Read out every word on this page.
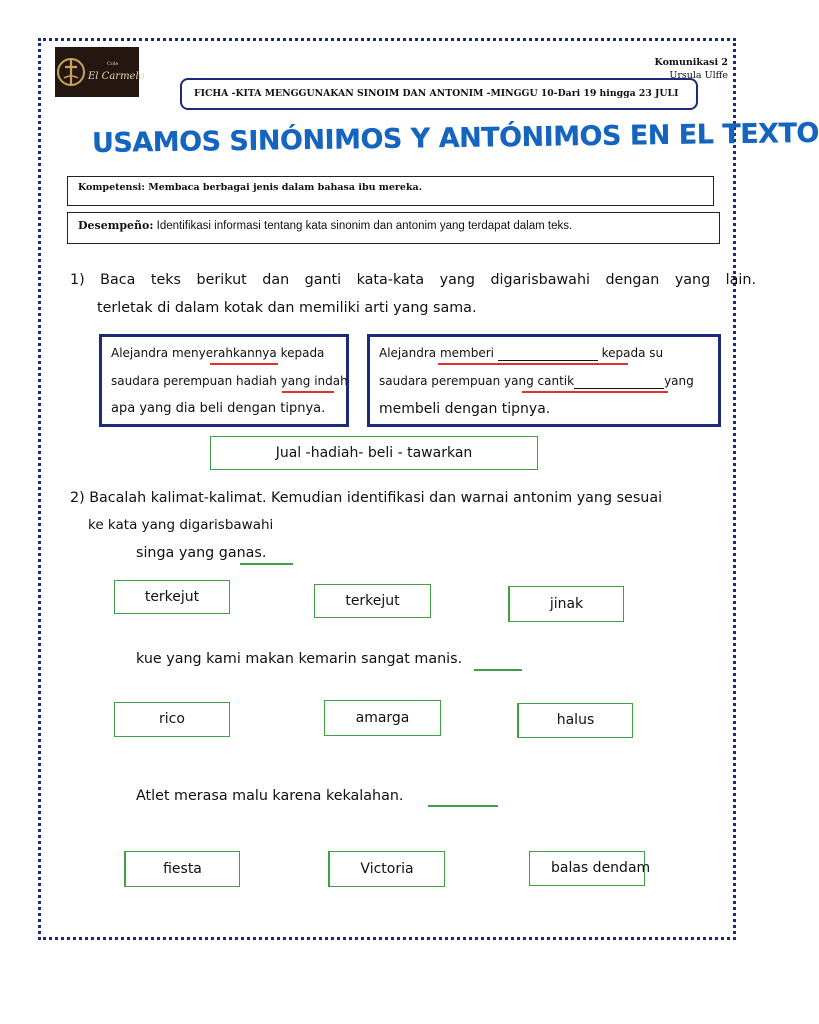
El Carmelo
Cole	Komunikasi 2
Ursula Ulffe
FICHA -KITA MENGGUNAKAN SINOIM DAN ANTONIM -MINGGU 10-Dari 19 hingga 23 JULI
USAMOS SINÓNIMOS Y ANTÓNIMOS EN EL TEXTO
Kompetensi: Membaca berbagai jenis dalam bahasa ibu mereka.
Desempeño: Identifikasi informasi tentang kata sinonim dan antonim yang terdapat dalam teks.
1) Baca teks berikut dan ganti kata-kata yang digarisbawahi dengan yang lain.
terletak di dalam kotak dan memiliki arti yang sama.
Alejandra menyerahkannya kepada
saudara perempuan hadiah yang indah
apa yang dia beli dengan tipnya.
Alejandra memberi	kepada su
saudara perempuan yang cantik	yang
membeli dengan tipnya.
Jual -hadiah- beli - tawarkan
2) Bacalah kalimat-kalimat. Kemudian identifikasi dan warnai antonim yang sesuai
ke kata yang digarisbawahi
singa yang ganas.
terkejut	terkejut	jinak
kue yang kami makan kemarin sangat manis.
rico	amarga	halus
Atlet merasa malu karena kekalahan.
fiesta	Victoria	balas dendam
